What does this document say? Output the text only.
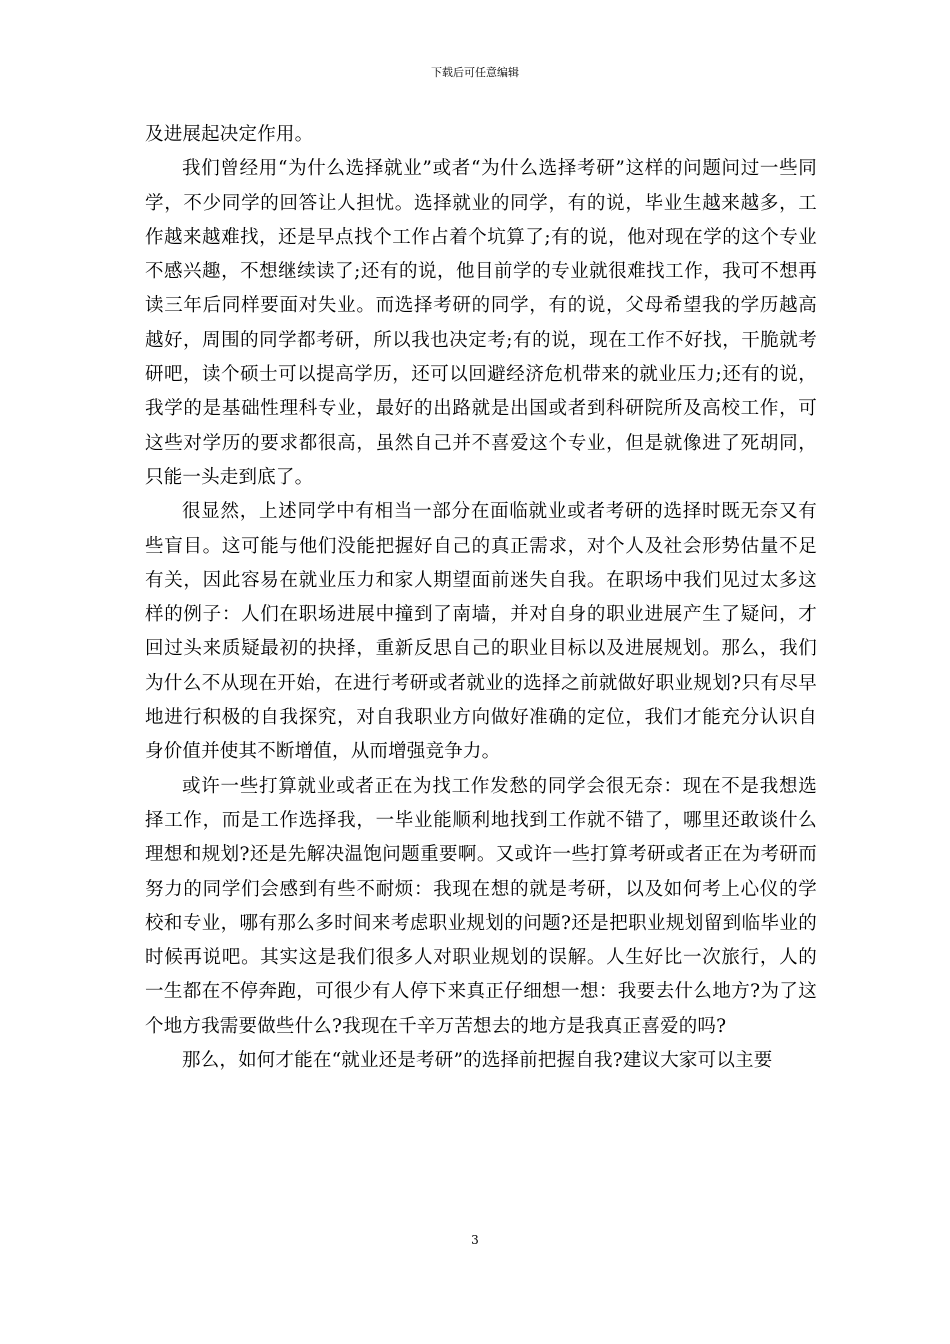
下载后可任意编辑

及进展起决定作用。

我们曾经用“为什么选择就业”或者“为什么选择考研”这样的问题问过一些同学，不少同学的回答让人担忧。选择就业的同学，有的说，毕业生越来越多，工作越来越难找，还是早点找个工作占着个坑算了;有的说，他对现在学的这个专业不感兴趣，不想继续读了;还有的说，他目前学的专业就很难找工作，我可不想再读三年后同样要面对失业。而选择考研的同学，有的说，父母希望我的学历越高越好，周围的同学都考研，所以我也决定考;有的说，现在工作不好找，干脆就考研吧，读个硕士可以提高学历，还可以回避经济危机带来的就业压力;还有的说，我学的是基础性理科专业，最好的出路就是出国或者到科研院所及高校工作，可这些对学历的要求都很高，虽然自己并不喜爱这个专业，但是就像进了死胡同，只能一头走到底了。

很显然，上述同学中有相当一部分在面临就业或者考研的选择时既无奈又有些盲目。这可能与他们没能把握好自己的真正需求，对个人及社会形势估量不足有关，因此容易在就业压力和家人期望面前迷失自我。在职场中我们见过太多这样的例子：人们在职场进展中撞到了南墙，并对自身的职业进展产生了疑问，才回过头来质疑最初的抉择，重新反思自己的职业目标以及进展规划。那么，我们为什么不从现在开始，在进行考研或者就业的选择之前就做好职业规划?只有尽早地进行积极的自我探究，对自我职业方向做好准确的定位，我们才能充分认识自身价值并使其不断增值，从而增强竞争力。

或许一些打算就业或者正在为找工作发愁的同学会很无奈：现在不是我想选择工作，而是工作选择我，一毕业能顺利地找到工作就不错了，哪里还敢谈什么理想和规划?还是先解决温饱问题重要啊。又或许一些打算考研或者正在为考研而努力的同学们会感到有些不耐烦：我现在想的就是考研，以及如何考上心仪的学校和专业，哪有那么多时间来考虑职业规划的问题?还是把职业规划留到临毕业的时候再说吧。其实这是我们很多人对职业规划的误解。人生好比一次旅行，人的一生都在不停奔跑，可很少有人停下来真正仔细想一想：我要去什么地方?为了这个地方我需要做些什么?我现在千辛万苦想去的地方是我真正喜爱的吗?

那么，如何才能在“就业还是考研”的选择前把握自我?建议大家可以主要

3
